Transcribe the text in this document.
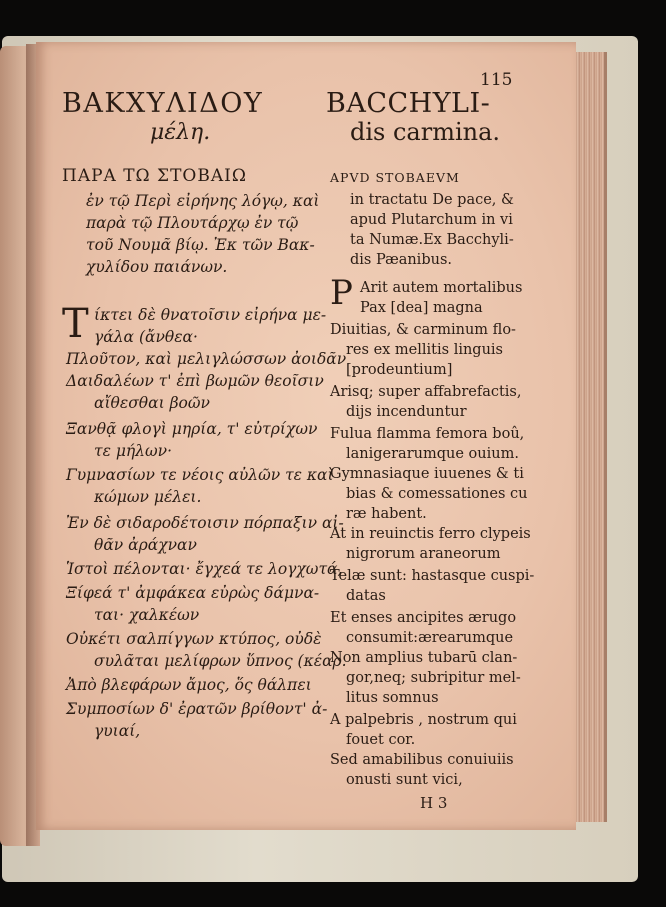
115
ΒΑΚΧΥΛΙΔΟΥ BACCHYLI-
μέλη.	dis carmina.
ΠΑΡΑ ΤΩ ΣΤΟΒΑΙΩ
ἐν τῷ Περὶ εἰρήνης λόγῳ, καὶ
παρὰ τῷ Πλουτάρχῳ ἐν τῷ
τοῦ Νουμᾶ βίῳ. Ἐκ τῶν Βακ-
χυλίδου παιάνων.
APVD STOBAEVM
in tractatu De pace, &
apud Plutarchum in vi
ta Numæ.Ex Bacchyli-
dis Pæanibus.
Τ ίκτει δὲ θνατοῖσιν εἰρήνα με-
γάλα (ἄνθεα·
Πλοῦτον, καὶ μελιγλώσσων ἀοιδᾶν
Δαιδαλέων τ' ἐπὶ βωμῶν θεοῖσιν
αἴθεσθαι βοῶν
Ξανθᾷ φλογὶ μηρία, τ' εὐτρίχων
τε μήλων·
Γυμνασίων τε νέοις αὐλῶν τε καὶ
κώμων μέλει.
Ἐν δὲ σιδαροδέτοισιν πόρπαξιν αἰ-
θᾶν ἀράχναν
Ἱστοὶ πέλονται· ἔγχεά τε λογχωτά,
Ξίφεά τ' ἀμφάκεα εὐρὼς δάμνα-
ται· χαλκέων
Οὐκέτι σαλπίγγων κτύπος, οὐδὲ
συλᾶται μελίφρων ὕπνος (κέαρ.
Ἀπὸ βλεφάρων ἄμος, ὅς θάλπει
Συμποσίων δ' ἐρατῶν βρίθοντ' ἀ-
γυιαί,
P Arit autem mortalibus
Pax [dea] magna
Diuitias, & carminum flo-
res ex mellitis linguis
[prodeuntium]
Arisq; super affabrefactis,
dijs incenduntur
Fulua flamma femora boû,
lanigerarumque ouium.
Gymnasiaque iuuenes & ti
bias & comessationes cu
ræ habent.
At in reuinctis ferro clypeis
nigrorum araneorum
Telæ sunt: hastasque cuspi-
datas
Et enses ancipites ærugo
consumit:ærearumque
Non amplius tubarū clan-
gor,neq; subripitur mel-
litus somnus
A palpebris , nostrum qui
fouet cor.
Sed amabilibus conuiuiis
onusti sunt vici,
H 3
